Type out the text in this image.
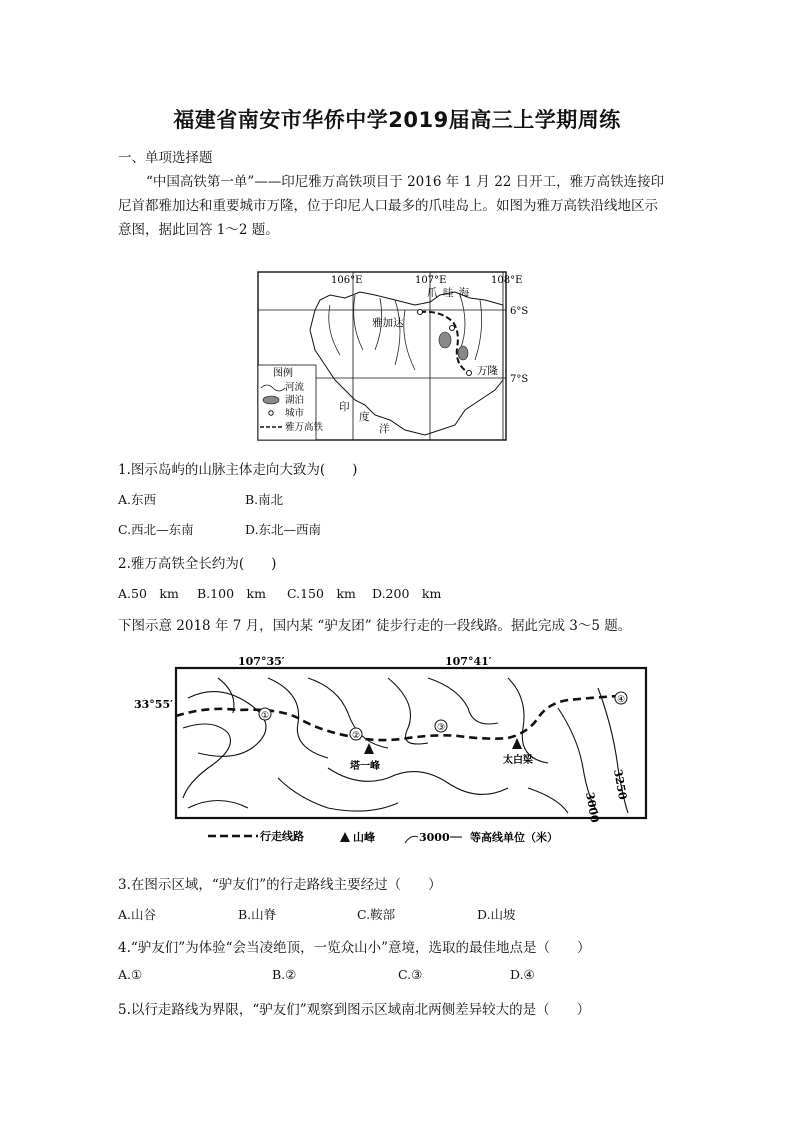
福建省南安市华侨中学2019届高三上学期周练
一、单项选择题
“中国高铁第一单”——印尼雅万高铁项目于 2016 年 1 月 22 日开工，雅万高铁连接印
尼首都雅加达和重要城市万隆，位于印尼人口最多的爪哇岛上。如图为雅万高铁沿线地区示
意图，据此回答 1～2 题。
106°E	107°E	108°E
6°S
7°S
爪 哇 海
雅加达
万隆
印
度
洋
图例
河流
湖泊
城市
雅万高铁
1.图示岛屿的山脉主体走向大致为(　　)
A.东西	B.南北
C.西北—东南	D.东北—西南
2.雅万高铁全长约为(　　)
A.50　km B.100　km C.150　km D.200　km
下图示意 2018 年 7 月，国内某 “驴友团” 徒步行走的一段线路。据此完成 3～5 题。
①
②
③
④
塔一峰
太白梁
3000
3250
107°35′	107°41′
33°55′
行走线路	山峰	3000 等高线单位（米）
3.在图示区域，“驴友们”的行走路线主要经过（　　）
A.山谷	B.山脊	C.鞍部	D.山坡
4.“驴友们”为体验“会当凌绝顶，一览众山小”意境，选取的最佳地点是（　　）
A.①	B.②	C.③	D.④
5.以行走路线为界限，“驴友们”观察到图示区域南北两侧差异较大的是（　　）
